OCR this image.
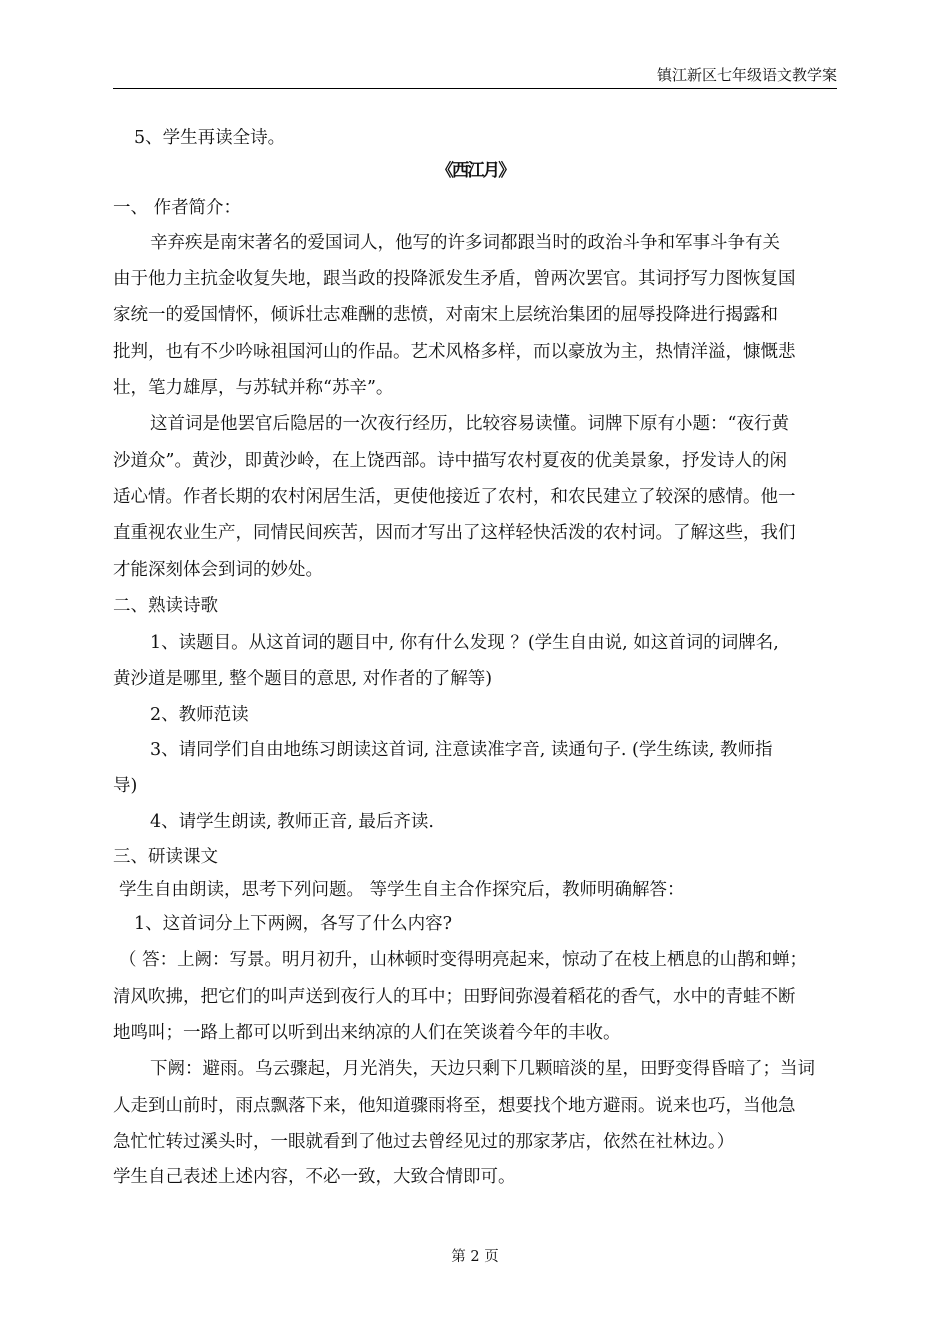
镇江新区七年级语文教学案
5、学生再读全诗。
《西江月》
一、 作者简介：
辛弃疾是南宋著名的爱国词人，他写的许多词都跟当时的政治斗争和军事斗争有关
由于他力主抗金收复失地，跟当政的投降派发生矛盾，曾两次罢官。其词抒写力图恢复国
家统一的爱国情怀，倾诉壮志难酬的悲愤，对南宋上层统治集团的屈辱投降进行揭露和
批判，也有不少吟咏祖国河山的作品。艺术风格多样，而以豪放为主，热情洋溢，慷慨悲
壮，笔力雄厚，与苏轼并称“苏辛”。
这首词是他罢官后隐居的一次夜行经历，比较容易读懂。词牌下原有小题：“夜行黄
沙道众”。黄沙，即黄沙岭，在上饶西部。诗中描写农村夏夜的优美景象，抒发诗人的闲
适心情。作者长期的农村闲居生活，更使他接近了农村，和农民建立了较深的感情。他一
直重视农业生产，同情民间疾苦，因而才写出了这样轻快活泼的农村词。了解这些，我们
才能深刻体会到词的妙处。
二、熟读诗歌
1、读题目。从这首词的题目中, 你有什么发现 ？(学生自由说, 如这首词的词牌名,
黄沙道是哪里, 整个题目的意思, 对作者的了解等)
2、教师范读
3、请同学们自由地练习朗读这首词, 注意读准字音, 读通句子. (学生练读, 教师指
导)
4、请学生朗读, 教师正音, 最后齐读.
三、研读课文
学生自由朗读，思考下列问题。 等学生自主合作探究后，教师明确解答：
1、这首词分上下两阙，各写了什么内容?
（ 答：上阙：写景。明月初升，山林顿时变得明亮起来，惊动了在枝上栖息的山鹊和蝉；
清风吹拂，把它们的叫声送到夜行人的耳中；田野间弥漫着稻花的香气，水中的青蛙不断
地鸣叫；一路上都可以听到出来纳凉的人们在笑谈着今年的丰收。
下阙：避雨。乌云骤起，月光消失，天边只剩下几颗暗淡的星，田野变得昏暗了；当词
人走到山前时，雨点飘落下来，他知道骤雨将至，想要找个地方避雨。说来也巧，当他急
急忙忙转过溪头时，一眼就看到了他过去曾经见过的那家茅店，依然在社林边。）
学生自己表述上述内容，不必一致，大致合情即可。
第 2 页
